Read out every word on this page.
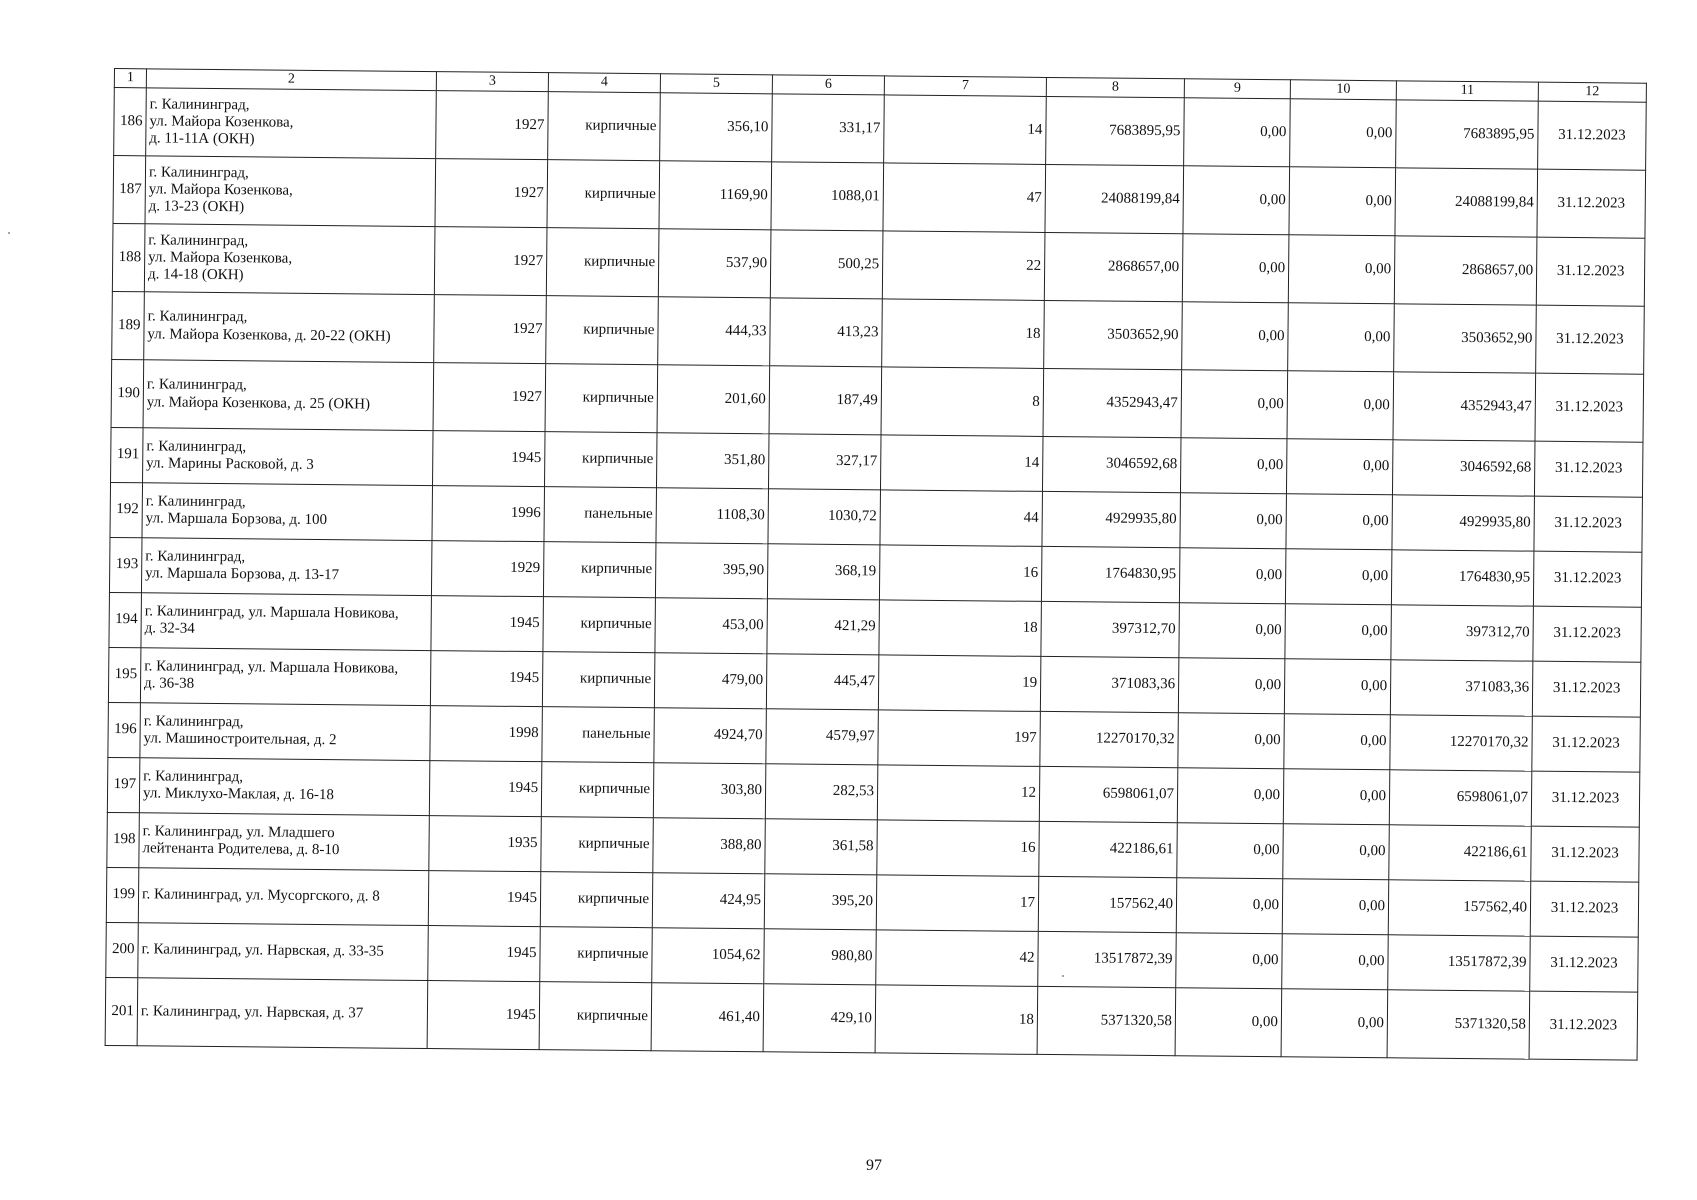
1	2	3	4	5	6	7	8	9	10	11	12
186	г. Калининград,
ул. Майора Козенкова,
д. 11-11А (ОКН)	1927	кирпичные	356,10	331,17	14	7683895,95	0,00	0,00	7683895,95	31.12.2023
187	г. Калининград,
ул. Майора Козенкова,
д. 13-23 (ОКН)	1927	кирпичные	1169,90	1088,01	47	24088199,84	0,00	0,00	24088199,84	31.12.2023
188	г. Калининград,
ул. Майора Козенкова,
д. 14-18 (ОКН)	1927	кирпичные	537,90	500,25	22	2868657,00	0,00	0,00	2868657,00	31.12.2023
189	г. Калининград,
ул. Майора Козенкова, д. 20-22 (ОКН)	1927	кирпичные	444,33	413,23	18	3503652,90	0,00	0,00	3503652,90	31.12.2023
190	г. Калининград,
ул. Майора Козенкова, д. 25 (ОКН)	1927	кирпичные	201,60	187,49	8	4352943,47	0,00	0,00	4352943,47	31.12.2023
191	г. Калининград,
ул. Марины Расковой, д. 3	1945	кирпичные	351,80	327,17	14	3046592,68	0,00	0,00	3046592,68	31.12.2023
192	г. Калининград,
ул. Маршала Борзова, д. 100	1996	панельные	1108,30	1030,72	44	4929935,80	0,00	0,00	4929935,80	31.12.2023
193	г. Калининград,
ул. Маршала Борзова, д. 13-17	1929	кирпичные	395,90	368,19	16	1764830,95	0,00	0,00	1764830,95	31.12.2023
194	г. Калининград, ул. Маршала Новикова,
д. 32-34	1945	кирпичные	453,00	421,29	18	397312,70	0,00	0,00	397312,70	31.12.2023
195	г. Калининград, ул. Маршала Новикова,
д. 36-38	1945	кирпичные	479,00	445,47	19	371083,36	0,00	0,00	371083,36	31.12.2023
196	г. Калининград,
ул. Машиностроительная, д. 2	1998	панельные	4924,70	4579,97	197	12270170,32	0,00	0,00	12270170,32	31.12.2023
197	г. Калининград,
ул. Миклухо-Маклая, д. 16-18	1945	кирпичные	303,80	282,53	12	6598061,07	0,00	0,00	6598061,07	31.12.2023
198	г. Калининград, ул. Младшего
лейтенанта Родителева, д. 8-10	1935	кирпичные	388,80	361,58	16	422186,61	0,00	0,00	422186,61	31.12.2023
199	г. Калининград, ул. Мусоргского, д. 8	1945	кирпичные	424,95	395,20	17	157562,40	0,00	0,00	157562,40	31.12.2023
200	г. Калининград, ул. Нарвская, д. 33-35	1945	кирпичные	1054,62	980,80	42	13517872,39	0,00	0,00	13517872,39	31.12.2023
201	г. Калининград, ул. Нарвская, д. 37	1945	кирпичные	461,40	429,10	18	5371320,58	0,00	0,00	5371320,58	31.12.2023
97
